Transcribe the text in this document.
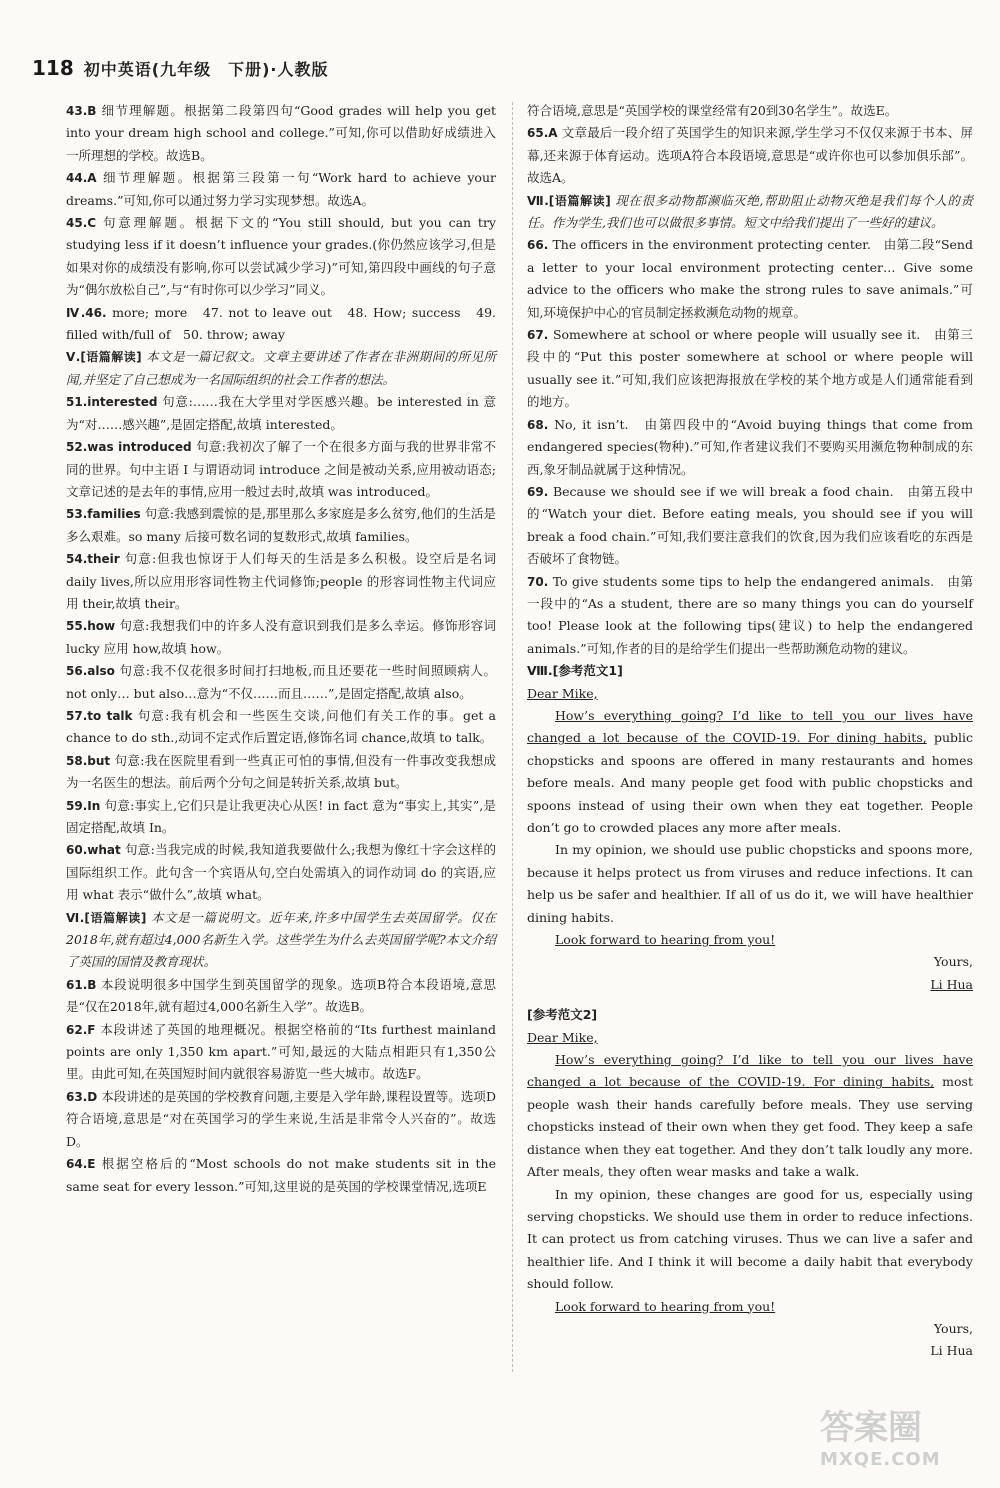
118 初中英语(九年级　下册)·人教版

43.B 细节理解题。根据第二段第四句“Good grades will help you get into your dream high school and college.”可知,你可以借助好成绩进入一所理想的学校。故选B。

44.A 细节理解题。根据第三段第一句“Work hard to achieve your dreams.”可知,你可以通过努力学习实现梦想。故选A。

45.C 句意理解题。根据下文的“You still should, but you can try studying less if it doesn’t influence your grades.(你仍然应该学习,但是如果对你的成绩没有影响,你可以尝试减少学习)”可知,第四段中画线的句子意为“偶尔放松自己”,与“有时你可以少学习”同义。

Ⅳ.46. more; more　47. not to leave out　48. How; success　49. filled with/full of　50. throw; away

Ⅴ.[语篇解读] 本文是一篇记叙文。文章主要讲述了作者在非洲期间的所见所闻,并坚定了自己想成为一名国际组织的社会工作者的想法。

51.interested 句意:……我在大学里对学医感兴趣。be interested in 意为“对……感兴趣”,是固定搭配,故填 interested。

52.was introduced 句意:我初次了解了一个在很多方面与我的世界非常不同的世界。句中主语 I 与谓语动词 introduce 之间是被动关系,应用被动语态;文章记述的是去年的事情,应用一般过去时,故填 was introduced。

53.families 句意:我感到震惊的是,那里那么多家庭是多么贫穷,他们的生活是多么艰难。so many 后接可数名词的复数形式,故填 families。

54.their 句意:但我也惊讶于人们每天的生活是多么积极。设空后是名词 daily lives,所以应用形容词性物主代词修饰;people 的形容词性物主代词应用 their,故填 their。

55.how 句意:我想我们中的许多人没有意识到我们是多么幸运。修饰形容词 lucky 应用 how,故填 how。

56.also 句意:我不仅花很多时间打扫地板,而且还要花一些时间照顾病人。not only… but also…意为“不仅……而且……”,是固定搭配,故填 also。

57.to talk 句意:我有机会和一些医生交谈,问他们有关工作的事。get a chance to do sth.,动词不定式作后置定语,修饰名词 chance,故填 to talk。

58.but 句意:我在医院里看到一些真正可怕的事情,但没有一件事改变我想成为一名医生的想法。前后两个分句之间是转折关系,故填 but。

59.In 句意:事实上,它们只是让我更决心从医! in fact 意为“事实上,其实”,是固定搭配,故填 In。

60.what 句意:当我完成的时候,我知道我要做什么;我想为像红十字会这样的国际组织工作。此句含一个宾语从句,空白处需填入的词作动词 do 的宾语,应用 what 表示“做什么”,故填 what。

Ⅵ.[语篇解读] 本文是一篇说明文。近年来,许多中国学生去英国留学。仅在2018年,就有超过4,000名新生入学。这些学生为什么去英国留学呢?本文介绍了英国的国情及教育现状。

61.B 本段说明很多中国学生到英国留学的现象。选项B符合本段语境,意思是“仅在2018年,就有超过4,000名新生入学”。故选B。

62.F 本段讲述了英国的地理概况。根据空格前的“Its furthest mainland points are only 1,350 km apart.”可知,最远的大陆点相距只有1,350公里。由此可知,在英国短时间内就很容易游览一些大城市。故选F。

63.D 本段讲述的是英国的学校教育问题,主要是入学年龄,课程设置等。选项D符合语境,意思是“对在英国学习的学生来说,生活是非常令人兴奋的”。故选D。

64.E 根据空格后的“Most schools do not make students sit in the same seat for every lesson.”可知,这里说的是英国的学校课堂情况,选项E

符合语境,意思是“英国学校的课堂经常有20到30名学生”。故选E。

65.A 文章最后一段介绍了英国学生的知识来源,学生学习不仅仅来源于书本、屏幕,还来源于体育运动。选项A符合本段语境,意思是“或许你也可以参加俱乐部”。故选A。

Ⅶ.[语篇解读] 现在很多动物都濒临灭绝,帮助阻止动物灭绝是我们每个人的责任。作为学生,我们也可以做很多事情。短文中给我们提出了一些好的建议。

66. The officers in the environment protecting center.　由第二段“Send a letter to your local environment protecting center… Give some advice to the officers who make the strong rules to save animals.”可知,环境保护中心的官员制定拯救濒危动物的规章。

67. Somewhere at school or where people will usually see it.　由第三段中的“Put this poster somewhere at school or where people will usually see it.”可知,我们应该把海报放在学校的某个地方或是人们通常能看到的地方。

68. No, it isn’t.　由第四段中的“Avoid buying things that come from endangered species(物种).”可知,作者建议我们不要购买用濒危物种制成的东西,象牙制品就属于这种情况。

69. Because we should see if we will break a food chain.　由第五段中的“Watch your diet. Before eating meals, you should see if you will break a food chain.”可知,我们要注意我们的饮食,因为我们应该看吃的东西是否破坏了食物链。

70. To give students some tips to help the endangered animals.　由第一段中的“As a student, there are so many things you can do yourself too! Please look at the following tips(建议) to help the endangered animals.”可知,作者的目的是给学生们提出一些帮助濒危动物的建议。

Ⅷ.[参考范文1]

Dear Mike,

How’s everything going? I’d like to tell you our lives have changed a lot because of the COVID-19. For dining habits, public chopsticks and spoons are offered in many restaurants and homes before meals. And many people get food with public chopsticks and spoons instead of using their own when they eat together. People don’t go to crowded places any more after meals.

In my opinion, we should use public chopsticks and spoons more, because it helps protect us from viruses and reduce infections. It can help us be safer and healthier. If all of us do it, we will have healthier dining habits.

Look forward to hearing from you!

Yours,

Li Hua

[参考范文2]

Dear Mike,

How’s everything going? I’d like to tell you our lives have changed a lot because of the COVID-19. For dining habits, most people wash their hands carefully before meals. They use serving chopsticks instead of their own when they get food. They keep a safe distance when they eat together. And they don’t talk loudly any more. After meals, they often wear masks and take a walk.

In my opinion, these changes are good for us, especially using serving chopsticks. We should use them in order to reduce infections. It can protect us from catching viruses. Thus we can live a safer and healthier life. And I think it will become a daily habit that everybody should follow.

Look forward to hearing from you!

Yours,

Li Hua

答案圈
MXQE.COM
